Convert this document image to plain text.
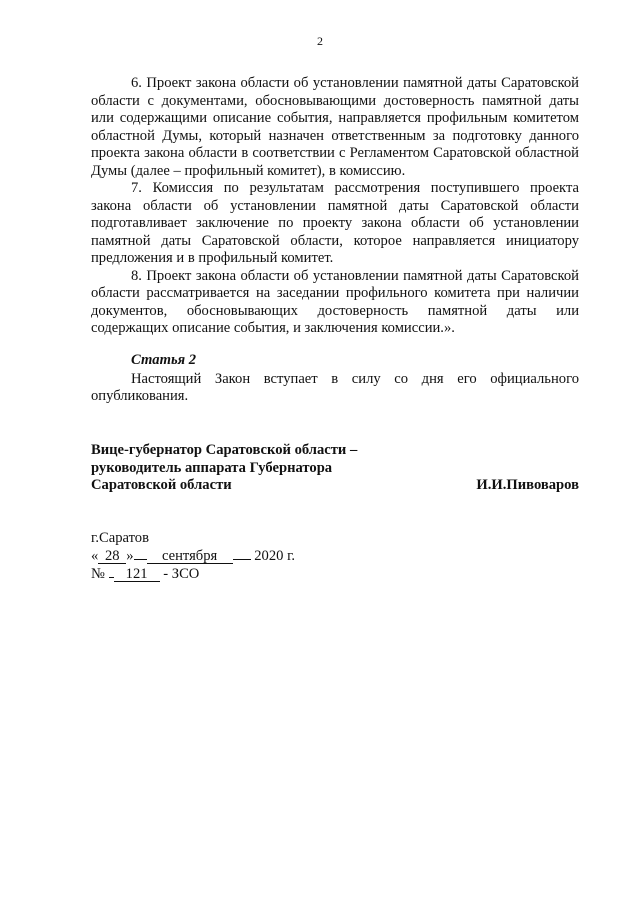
2

6. Проект закона области об установлении памятной даты Саратовской области с документами, обосновывающими достоверность памятной даты или содержащими описание события, направляется профильным комитетом областной Думы, который назначен ответственным за подготовку данного проекта закона области в соответствии с Регламентом Саратовской областной Думы (далее – профильный комитет), в комиссию.

7. Комиссия по результатам рассмотрения поступившего проекта закона области об установлении памятной даты Саратовской области подготавливает заключение по проекту закона области об установлении памятной даты Саратовской области, которое направляется инициатору предложения и в профильный комитет.

8. Проект закона области об установлении памятной даты Саратовской области рассматривается на заседании профильного комитета при наличии документов, обосновывающих достоверность памятной даты или содержащих описание события, и заключения комиссии.».

Статья 2

Настоящий Закон вступает в силу со дня его официального опубликования.

Вице-губернатор Саратовской области –
руководитель аппарата Губернатора
Саратовской области	И.И.Пивоваров
г.Саратов
« 28 » сентября	2020 г.
№ 121 - ЗСО
